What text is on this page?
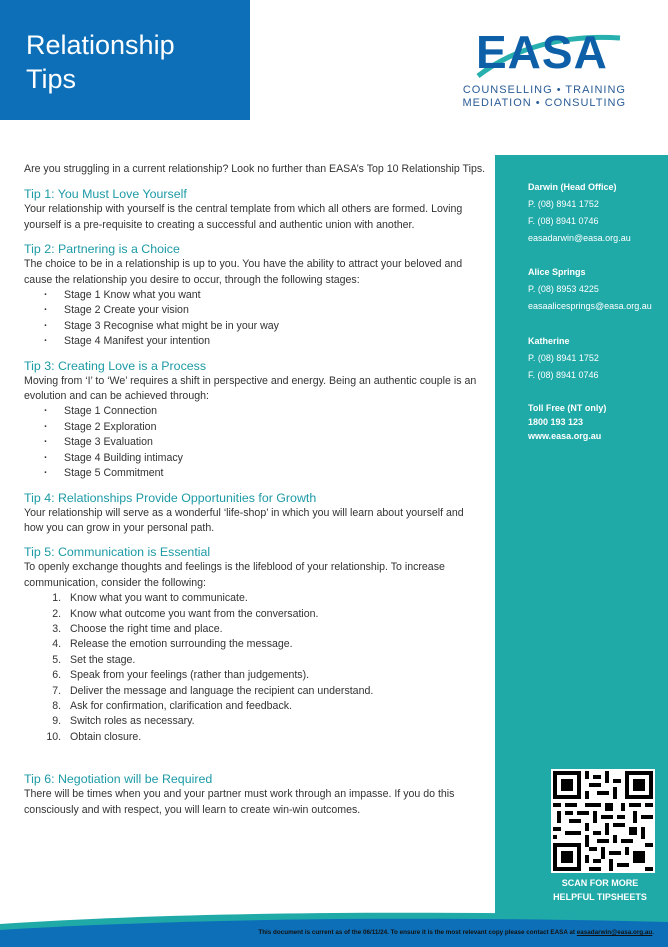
Relationship
Tips
EASA
COUNSELLING • TRAINING
MEDIATION • CONSULTING

Are you struggling in a current relationship? Look no further than EASA’s Top 10 Relationship Tips.

Tip 1: You Must Love Yourself

Your relationship with yourself is the central template from which all others are formed. Loving yourself is a pre-requisite to creating a successful and authentic union with another.

Tip 2: Partnering is a Choice

The choice to be in a relationship is up to you. You have the ability to attract your beloved and cause the relationship you desire to occur, through the following stages:

· Stage 1 Know what you want
· Stage 2 Create your vision
· Stage 3 Recognise what might be in your way
· Stage 4 Manifest your intention

Tip 3: Creating Love is a Process

Moving from ‘I’ to ‘We’ requires a shift in perspective and energy. Being an authentic couple is an evolution and can be achieved through:

· Stage 1 Connection
· Stage 2 Exploration
· Stage 3 Evaluation
· Stage 4 Building intimacy
· Stage 5 Commitment

Tip 4: Relationships Provide Opportunities for Growth

Your relationship will serve as a wonderful ‘life-shop’ in which you will learn about yourself and how you can grow in your personal path.

Tip 5: Communication is Essential

To openly exchange thoughts and feelings is the lifeblood of your relationship. To increase communication, consider the following:

1. Know what you want to communicate.
2. Know what outcome you want from the conversation.
3. Choose the right time and place.
4. Release the emotion surrounding the message.
5. Set the stage.
6. Speak from your feelings (rather than judgements).
7. Deliver the message and language the recipient can understand.
8. Ask for confirmation, clarification and feedback.
9. Switch roles as necessary.
10. Obtain closure.

Tip 6: Negotiation will be Required

There will be times when you and your partner must work through an impasse. If you do this consciously and with respect, you will learn to create win-win outcomes.

Darwin (Head Office)
P. (08) 8941 1752
F. (08) 8941 0746
easadarwin@easa.org.au
Alice Springs
P. (08) 8953 4225
easaalicesprings@easa.org.au
Katherine
P. (08) 8941 1752
F. (08) 8941 0746
Toll Free (NT only)
1800 193 123
www.easa.org.au
SCAN FOR MORE
HELPFUL TIPSHEETS
This document is current as of the 06/11/24. To ensure it is the most relevant copy please contact EASA at easadarwin@easa.org.au.
